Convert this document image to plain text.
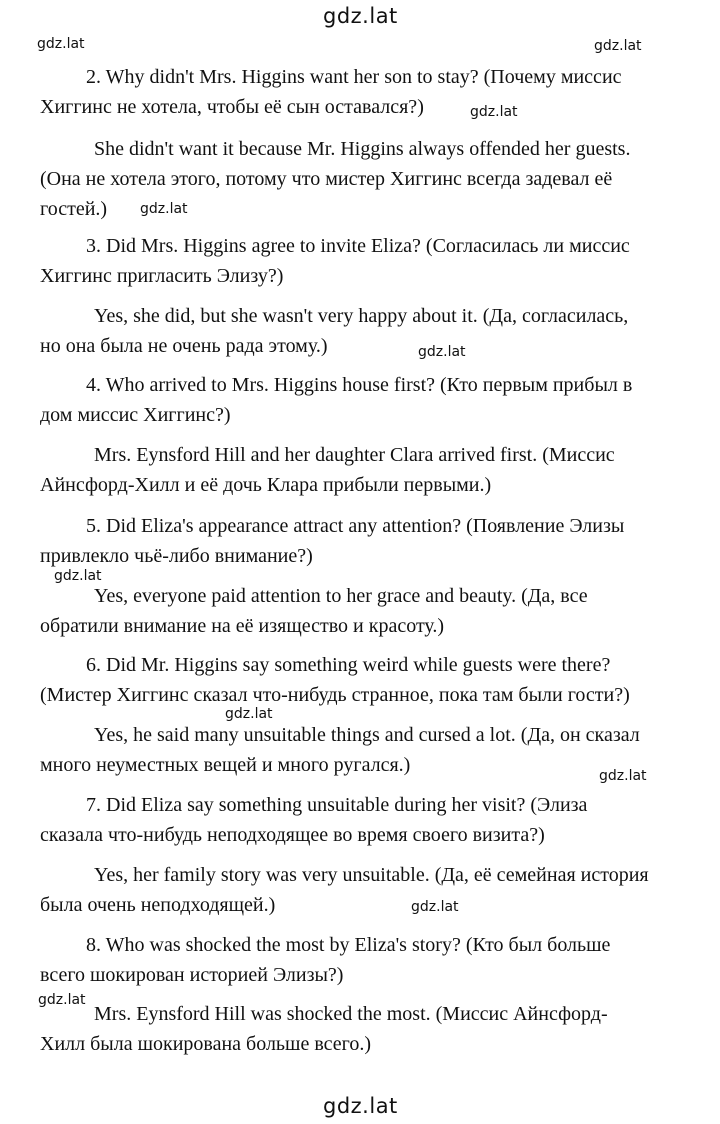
gdz.lat
gdz.lat	gdz.lat
gdz.lat
gdz.lat
gdz.lat
gdz.lat
gdz.lat
gdz.lat
gdz.lat
gdz.lat
2. Why didn't Mrs. Higgins want her son to stay? (Почему миссис
Хиггинс не хотела, чтобы её сын оставался?)
She didn't want it because Mr. Higgins always offended her guests.
(Она не хотела этого, потому что мистер Хиггинс всегда задевал её
гостей.)
3. Did Mrs. Higgins agree to invite Eliza? (Согласилась ли миссис
Хиггинс пригласить Элизу?)
Yes, she did, but she wasn't very happy about it. (Да, согласилась,
но она была не очень рада этому.)
4. Who arrived to Mrs. Higgins house first? (Кто первым прибыл в
дом миссис Хиггинс?)
Mrs. Eynsford Hill and her daughter Clara arrived first. (Миссис
Айнсфорд-Хилл и её дочь Клара прибыли первыми.)
5. Did Eliza's appearance attract any attention? (Появление Элизы
привлекло чьё-либо внимание?)
Yes, everyone paid attention to her grace and beauty. (Да, все
обратили внимание на её изящество и красоту.)
6. Did Mr. Higgins say something weird while guests were there?
(Мистер Хиггинс сказал что-нибудь странное, пока там были гости?)
Yes, he said many unsuitable things and cursed a lot. (Да, он сказал
много неуместных вещей и много ругался.)
7. Did Eliza say something unsuitable during her visit? (Элиза
сказала что-нибудь неподходящее во время своего визита?)
Yes, her family story was very unsuitable. (Да, её семейная история
была очень неподходящей.)
8. Who was shocked the most by Eliza's story? (Кто был больше
всего шокирован историей Элизы?)
Mrs. Eynsford Hill was shocked the most. (Миссис Айнсфорд-
Хилл была шокирована больше всего.)
gdz.lat
